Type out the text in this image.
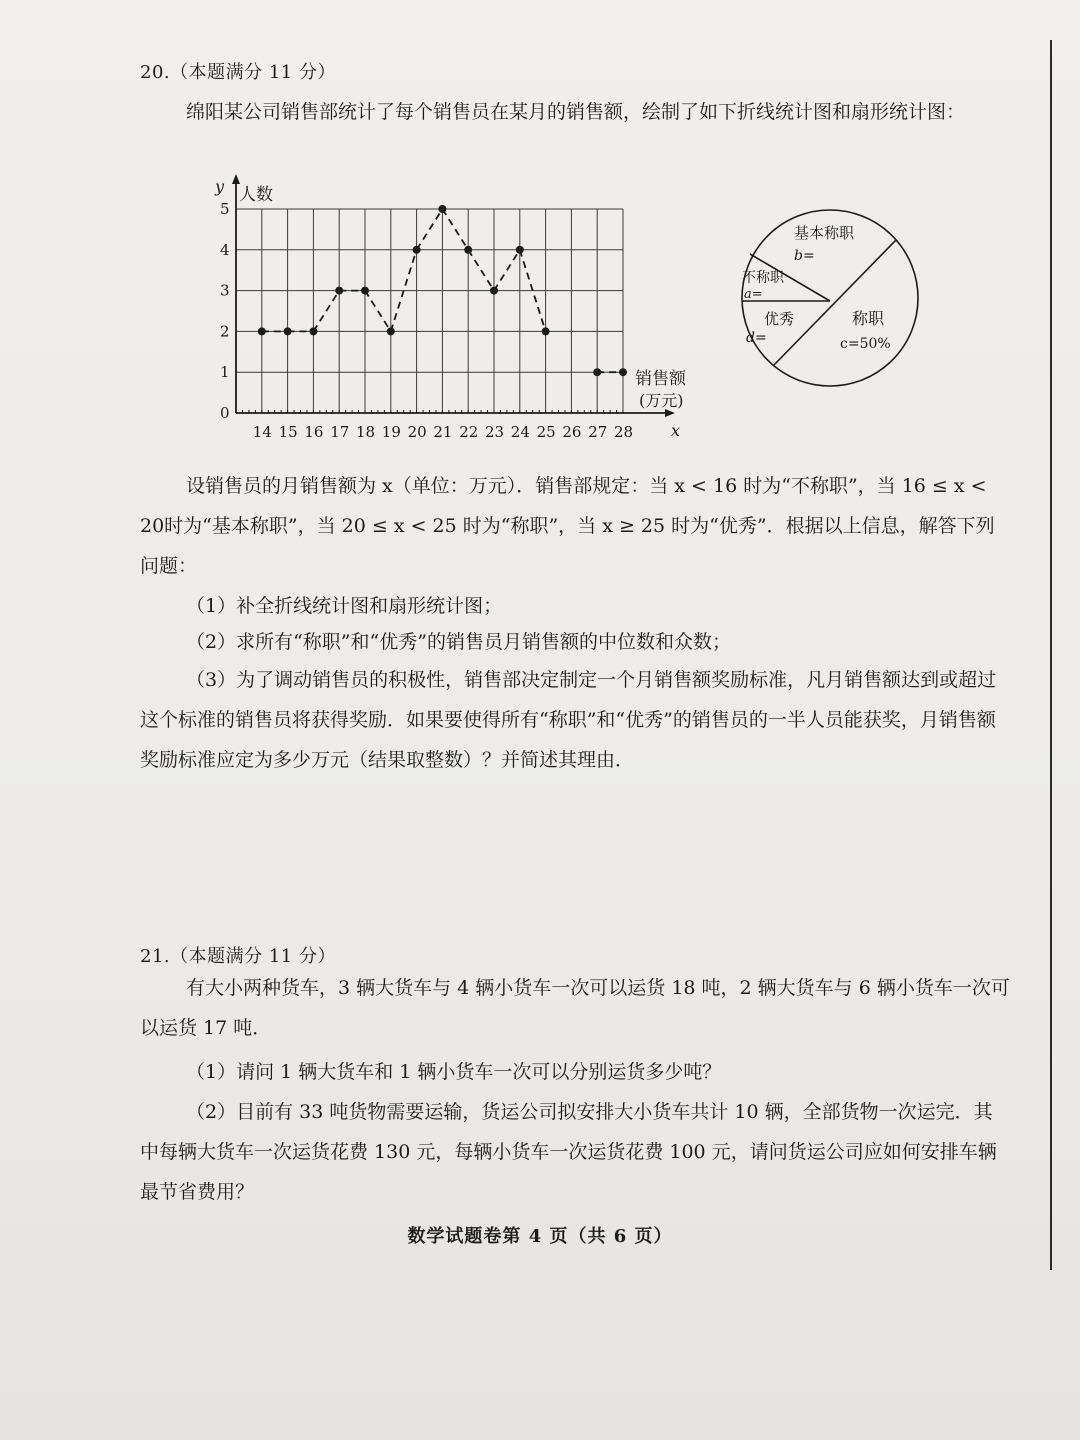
20.（本题满分 11 分）

绵阳某公司销售部统计了每个销售员在某月的销售额，绘制了如下折线统计图和扇形统计图：

14 15 16 17 18 19 20 21 22 23 24 25 26 27 28
0
1
2
3
4
5
y 人数
销售额
(万元)
x
基本称职
b=
不称职
a=
优秀
d=
称职
c=50%

设销售员的月销售额为 x（单位：万元）．销售部规定：当 x < 16 时为“不称职”，当 16 ≤ x < 20时为“基本称职”，当 20 ≤ x < 25 时为“称职”，当 x ≥ 25 时为“优秀”．根据以上信息，解答下列问题：

（1）补全折线统计图和扇形统计图；

（2）求所有“称职”和“优秀”的销售员月销售额的中位数和众数；

（3）为了调动销售员的积极性，销售部决定制定一个月销售额奖励标准，凡月销售额达到或超过这个标准的销售员将获得奖励．如果要使得所有“称职”和“优秀”的销售员的一半人员能获奖，月销售额奖励标准应定为多少万元（结果取整数）？并简述其理由．

21.（本题满分 11 分）

有大小两种货车，3 辆大货车与 4 辆小货车一次可以运货 18 吨，2 辆大货车与 6 辆小货车一次可以运货 17 吨．

（1）请问 1 辆大货车和 1 辆小货车一次可以分别运货多少吨？

（2）目前有 33 吨货物需要运输，货运公司拟安排大小货车共计 10 辆，全部货物一次运完．其中每辆大货车一次运货花费 130 元，每辆小货车一次运货花费 100 元，请问货运公司应如何安排车辆最节省费用？

数学试题卷第 4 页（共 6 页）
